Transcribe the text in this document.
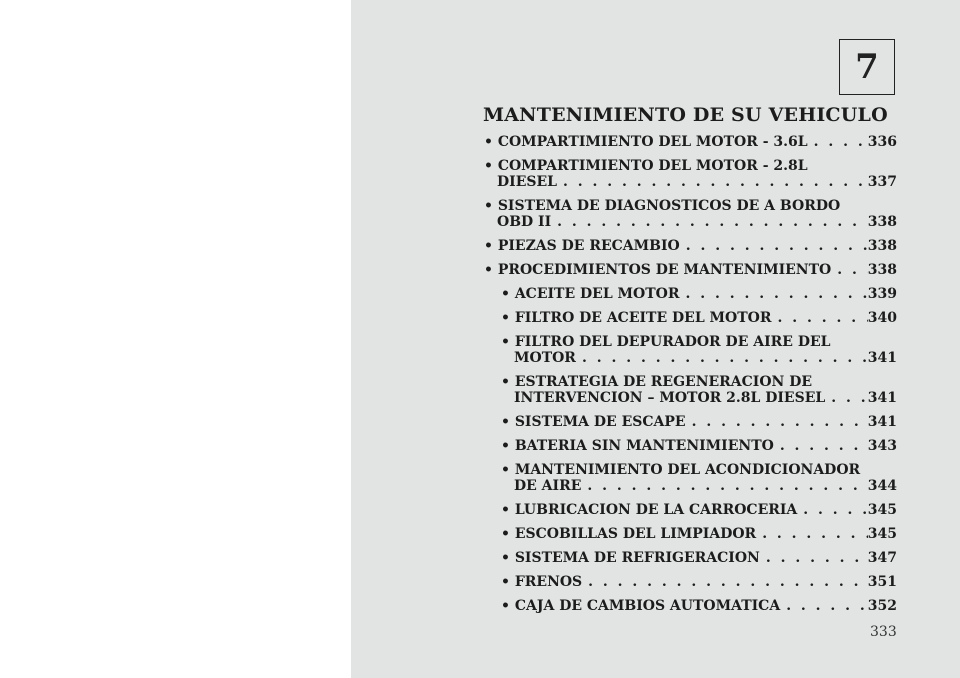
7
MANTENIMIENTO DE SU VEHICULO
• COMPARTIMIENTO DEL MOTOR - 3.6L . . .	336
• COMPARTIMIENTO DEL MOTOR - 2.8L
DIESEL . . .	337
• SISTEMA DE DIAGNOSTICOS DE A BORDO
OBD II . . .	338
• PIEZAS DE RECAMBIO . . .	338
• PROCEDIMIENTOS DE MANTENIMIENTO . . .	338
• ACEITE DEL MOTOR . . .	339
• FILTRO DE ACEITE DEL MOTOR . . .	340
• FILTRO DEL DEPURADOR DE AIRE DEL
MOTOR . . .	341
• ESTRATEGIA DE REGENERACION DE
INTERVENCION – MOTOR 2.8L DIESEL . . .	341
• SISTEMA DE ESCAPE . . .	341
• BATERIA SIN MANTENIMIENTO . . .	343
• MANTENIMIENTO DEL ACONDICIONADOR
DE AIRE . . .	344
• LUBRICACION DE LA CARROCERIA . . .	345
• ESCOBILLAS DEL LIMPIADOR . . .	345
• SISTEMA DE REFRIGERACION . . .	347
• FRENOS . . .	351
• CAJA DE CAMBIOS AUTOMATICA . . .	352
333
